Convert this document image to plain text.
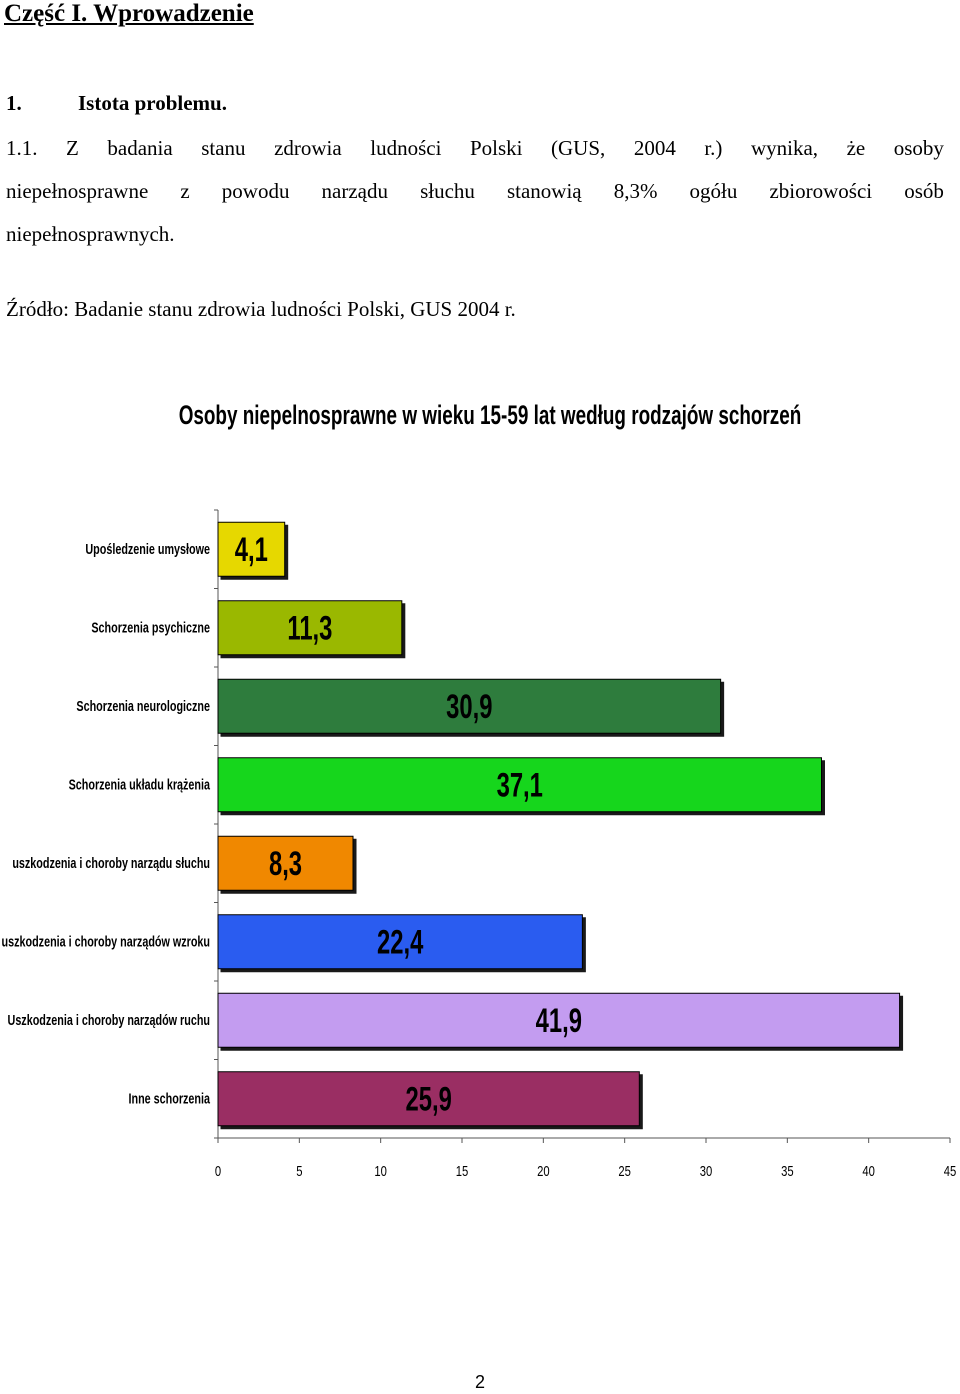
Część I. Wprowadzenie
1.	Istota problemu.
1.1. Z badania stanu zdrowia ludności Polski (GUS, 2004 r.) wynika, że osoby
niepełnosprawne z powodu narządu słuchu stanowią 8,3% ogółu zbiorowości osób
niepełnosprawnych.
Źródło: Badanie stanu zdrowia ludności Polski, GUS 2004 r.
Osoby niepelnosprawne w wieku 15-59 lat według rodzajów schorzeń
0	5	10	15	20	25	30	35	40	45
Upośledzenie umysłowe 4,1
Schorzenia psychiczne 11,3
Schorzenia neurologiczne	30,9
Schorzenia układu krążenia	37,1
uszkodzenia i choroby narządu słuchu 8,3
uszkodzenia i choroby narządów wzroku	22,4
Uszkodzenia i choroby narządów ruchu	41,9
Inne schorzenia	25,9
2
